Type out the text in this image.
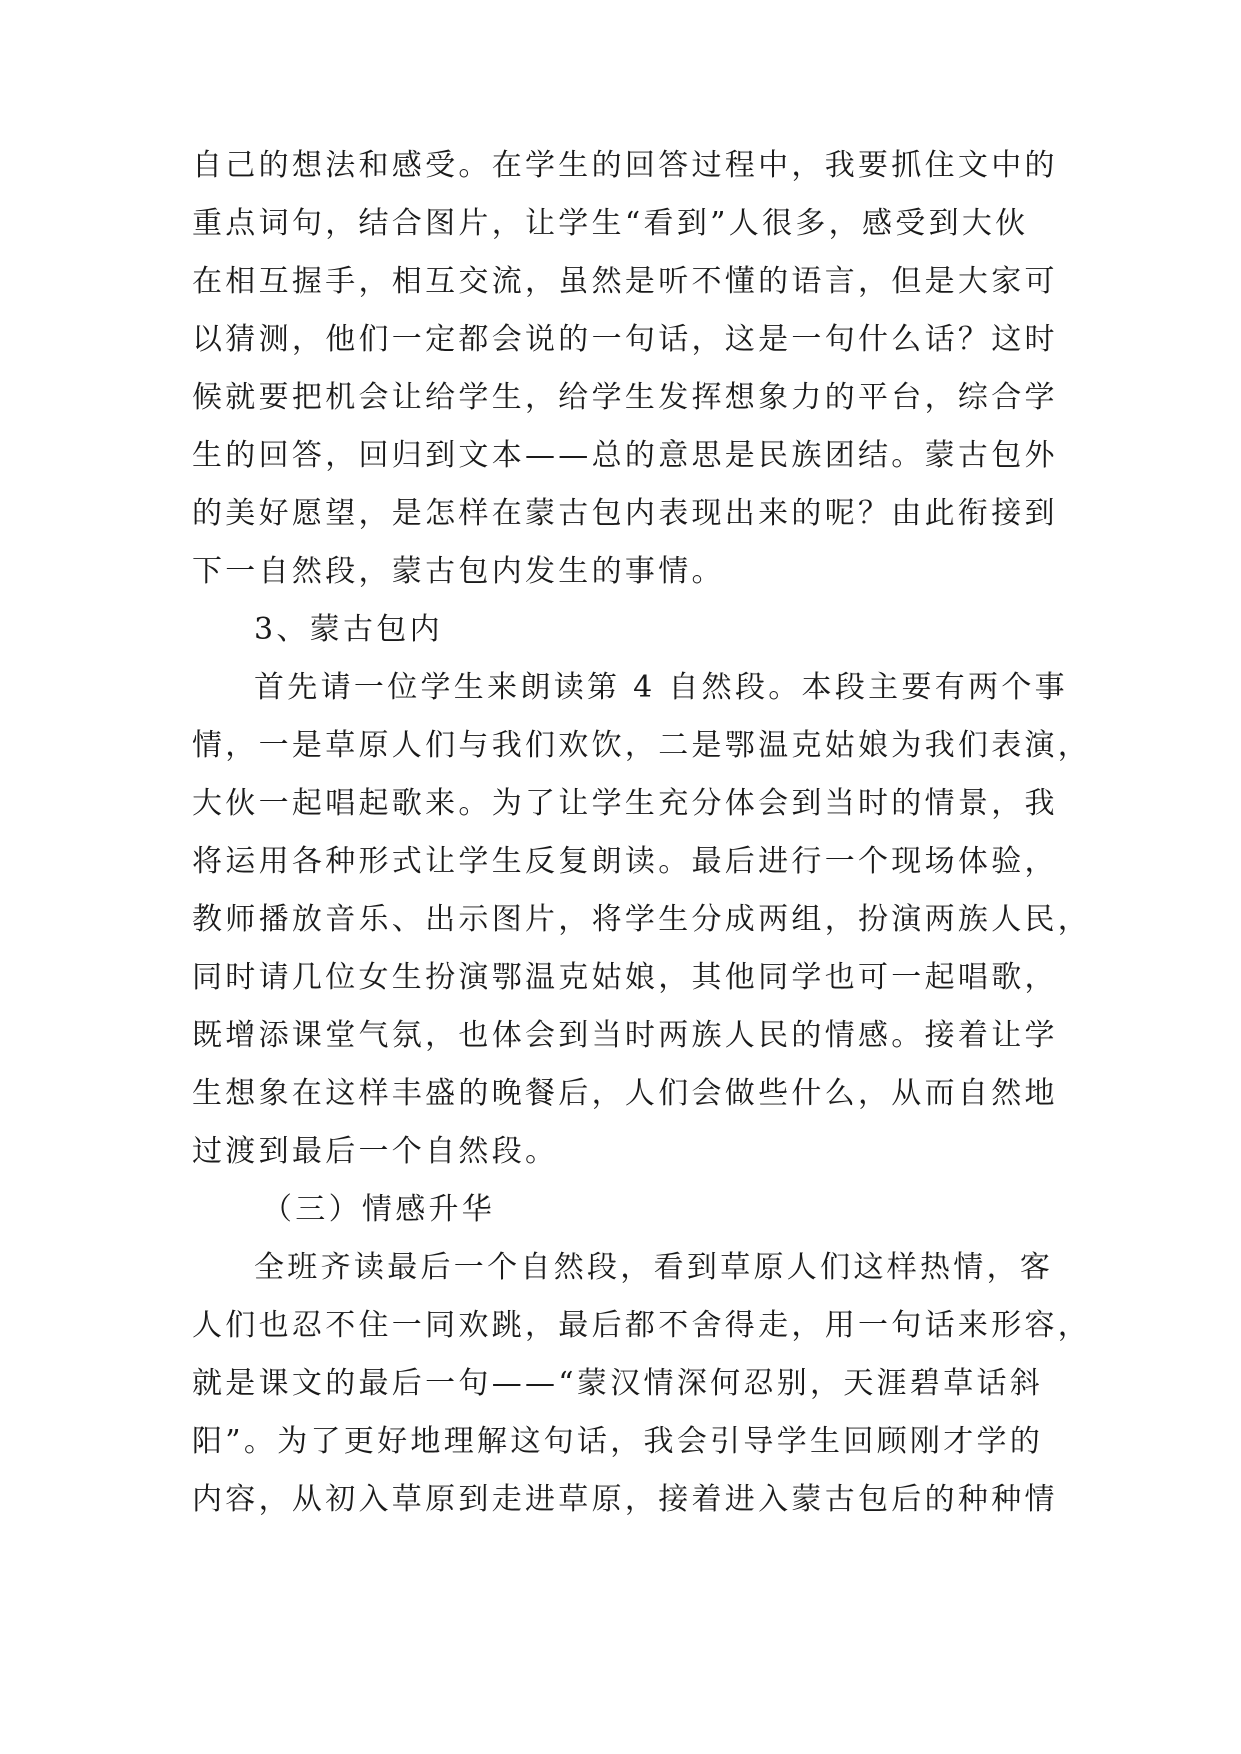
自己的想法和感受。在学生的回答过程中，我要抓住文中的
重点词句，结合图片，让学生“看到”人很多，感受到大伙
在相互握手，相互交流，虽然是听不懂的语言，但是大家可
以猜测，他们一定都会说的一句话，这是一句什么话？这时
候就要把机会让给学生，给学生发挥想象力的平台，综合学
生的回答，回归到文本——总的意思是民族团结。蒙古包外
的美好愿望，是怎样在蒙古包内表现出来的呢？由此衔接到
下一自然段，蒙古包内发生的事情。
3、蒙古包内
首先请一位学生来朗读第 4 自然段。本段主要有两个事
情，一是草原人们与我们欢饮，二是鄂温克姑娘为我们表演，
大伙一起唱起歌来。为了让学生充分体会到当时的情景，我
将运用各种形式让学生反复朗读。最后进行一个现场体验，
教师播放音乐、出示图片，将学生分成两组，扮演两族人民，
同时请几位女生扮演鄂温克姑娘，其他同学也可一起唱歌，
既增添课堂气氛，也体会到当时两族人民的情感。接着让学
生想象在这样丰盛的晚餐后，人们会做些什么，从而自然地
过渡到最后一个自然段。
（三）情感升华
全班齐读最后一个自然段，看到草原人们这样热情，客
人们也忍不住一同欢跳，最后都不舍得走，用一句话来形容，
就是课文的最后一句——“蒙汉情深何忍别，天涯碧草话斜
阳”。为了更好地理解这句话，我会引导学生回顾刚才学的
内容，从初入草原到走进草原，接着进入蒙古包后的种种情
